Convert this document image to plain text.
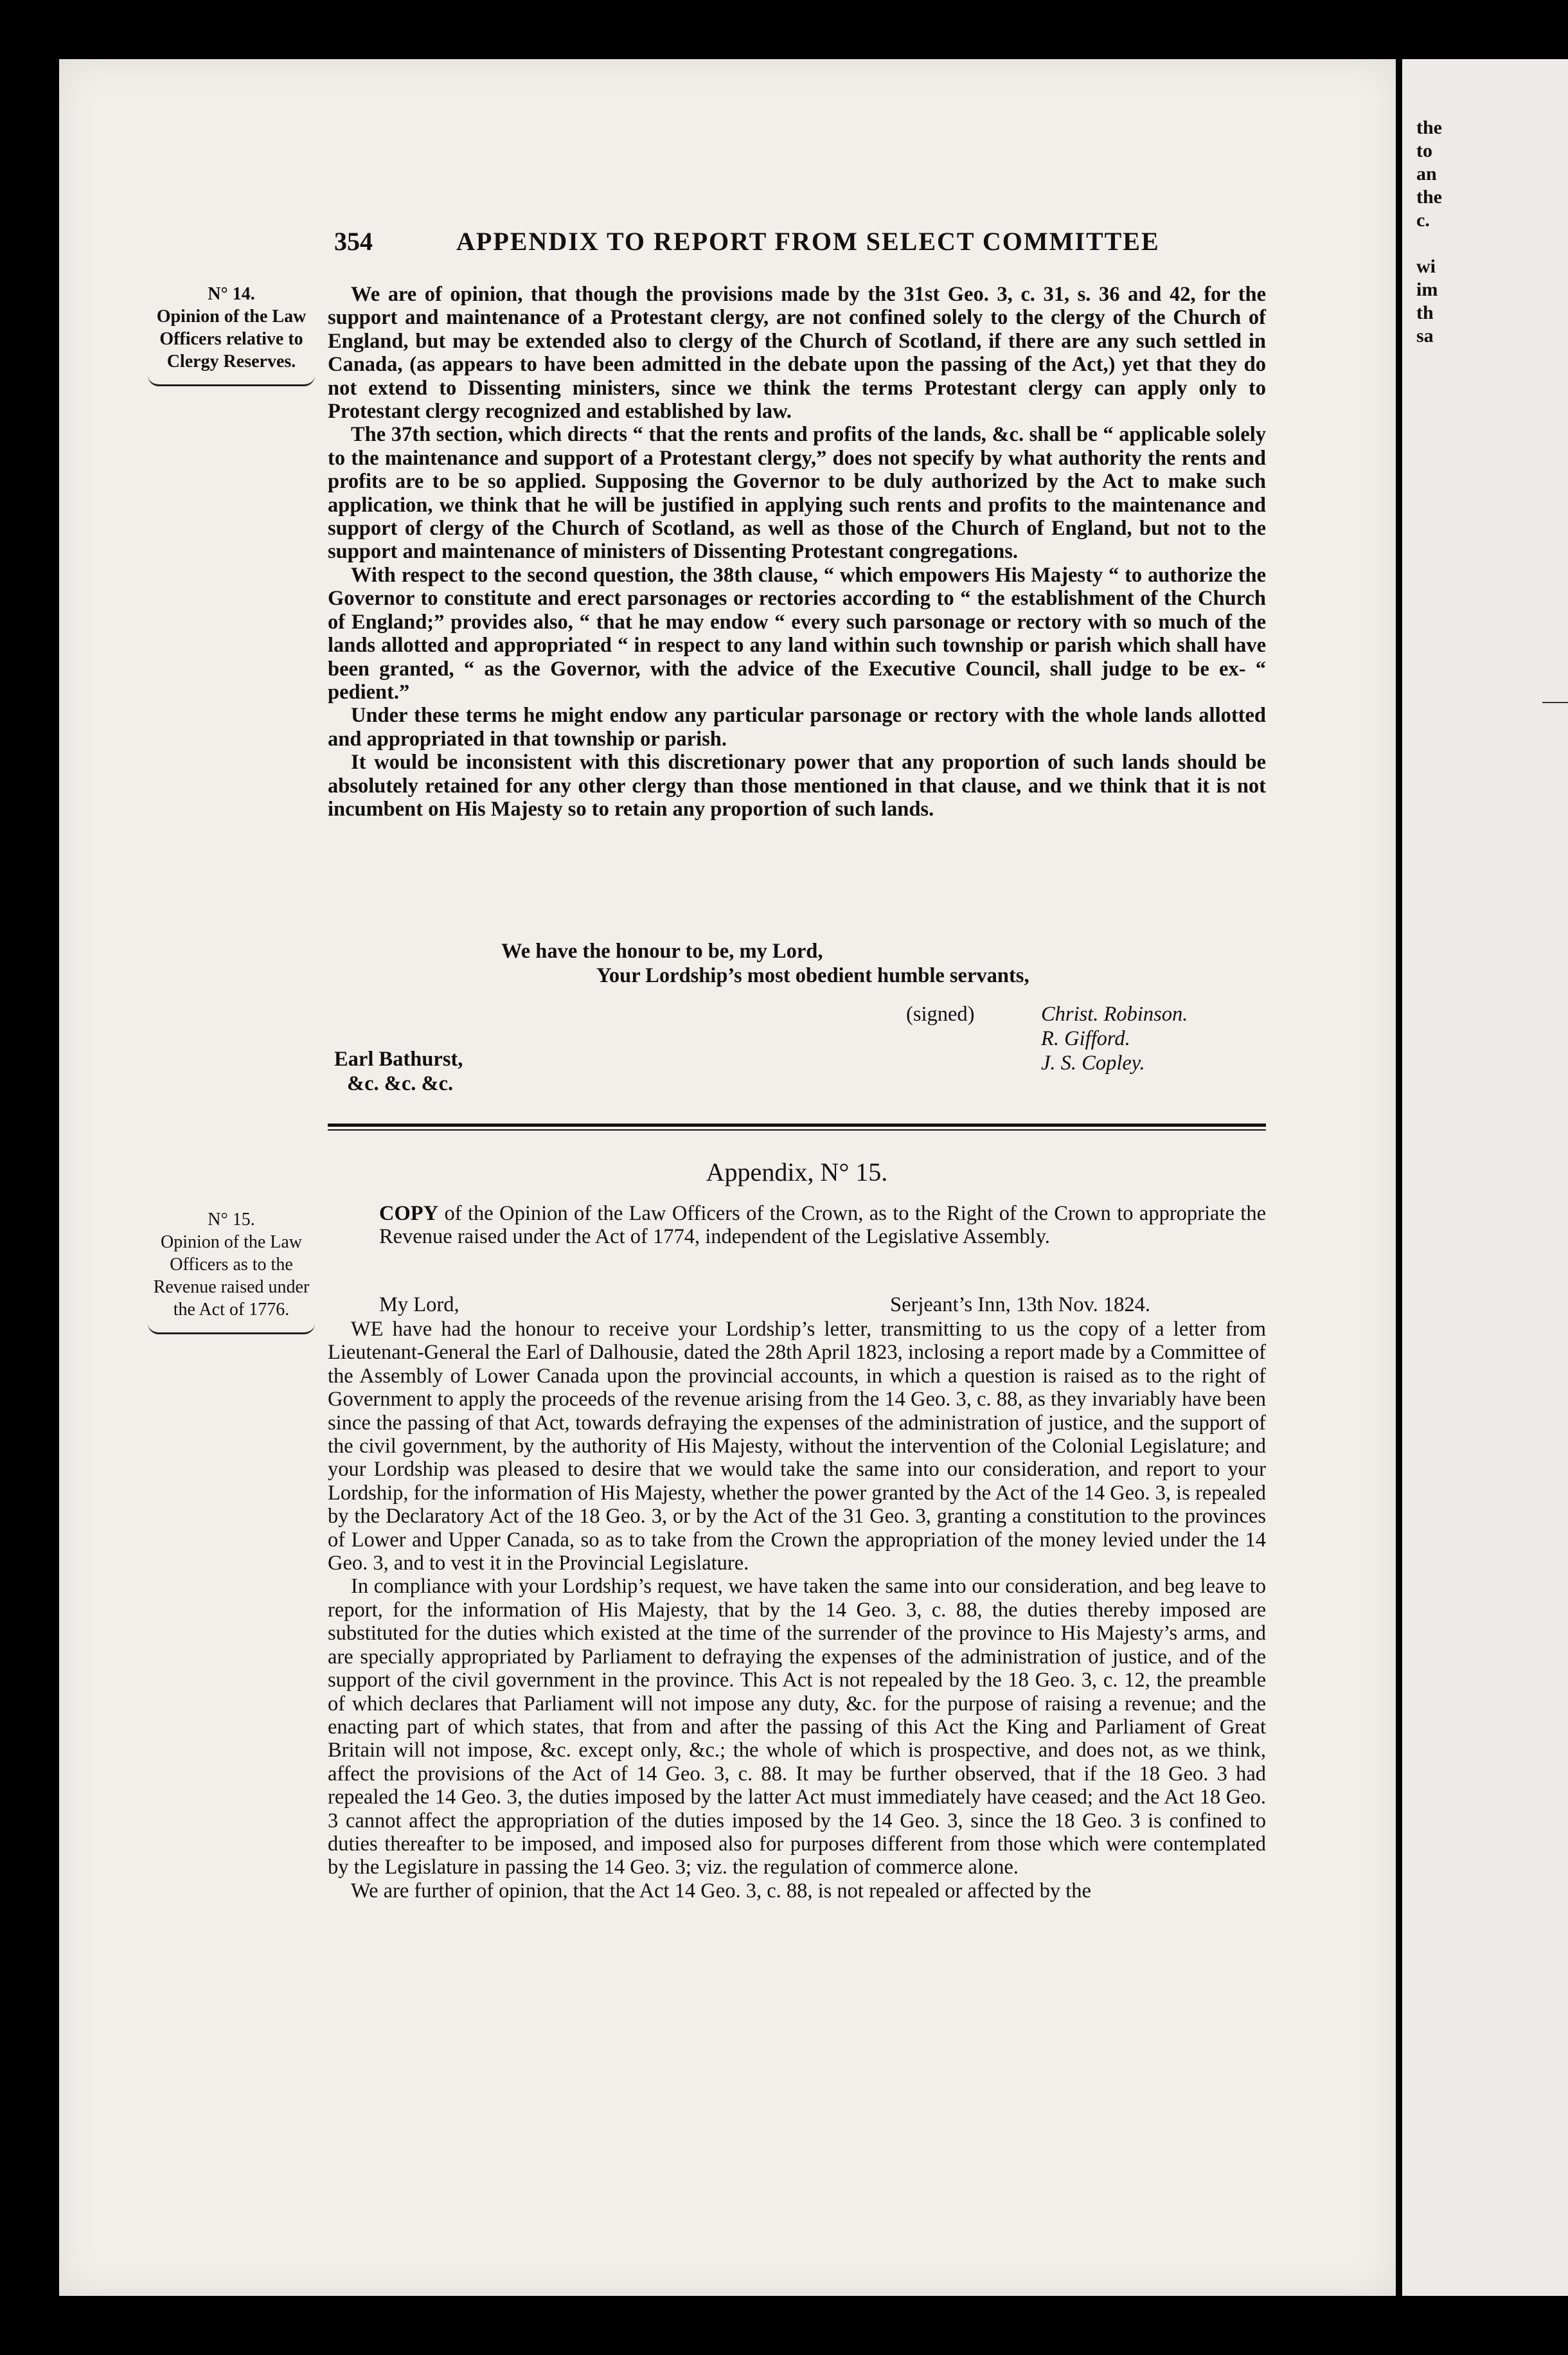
the
to
an
the
c.
wi
im
th
sa
354	APPENDIX TO REPORT FROM SELECT COMMITTEE
N° 14.
Opinion of the Law Officers relative to Clergy Reserves.

We are of opinion, that though the provisions made by the 31st Geo. 3, c. 31, s. 36 and 42, for the support and maintenance of a Protestant clergy, are not confined solely to the clergy of the Church of England, but may be extended also to clergy of the Church of Scotland, if there are any such settled in Canada, (as appears to have been admitted in the debate upon the passing of the Act,) yet that they do not extend to Dissenting ministers, since we think the terms Protestant clergy can apply only to Protestant clergy recognized and established by law.

The 37th section, which directs “ that the rents and profits of the lands, &c. shall be “ applicable solely to the maintenance and support of a Protestant clergy,” does not specify by what authority the rents and profits are to be so applied. Supposing the Governor to be duly authorized by the Act to make such application, we think that he will be justified in applying such rents and profits to the maintenance and support of clergy of the Church of Scotland, as well as those of the Church of England, but not to the support and maintenance of ministers of Dissenting Protestant congregations.

With respect to the second question, the 38th clause, “ which empowers His Majesty “ to authorize the Governor to constitute and erect parsonages or rectories according to “ the establishment of the Church of England;” provides also, “ that he may endow “ every such parsonage or rectory with so much of the lands allotted and appropriated “ in respect to any land within such township or parish which shall have been granted, “ as the Governor, with the advice of the Executive Council, shall judge to be ex- “ pedient.”

Under these terms he might endow any particular parsonage or rectory with the whole lands allotted and appropriated in that township or parish.

It would be inconsistent with this discretionary power that any proportion of such lands should be absolutely retained for any other clergy than those mentioned in that clause, and we think that it is not incumbent on His Majesty so to retain any proportion of such lands.

We have the honour to be, my Lord,
Your Lordship’s most obedient humble servants,
(signed)	Christ. Robinson.
R. Gifford.
J. S. Copley.
Earl Bathurst,
&c. &c. &c.
Appendix, N° 15.
N° 15.
Opinion of the Law Officers as to the Revenue raised under the Act of 1776.
COPY of the Opinion of the Law Officers of the Crown, as to the Right of the Crown to appropriate the Revenue raised under the Act of 1774, independent of the Legislative Assembly.
My Lord,	Serjeant’s Inn, 13th Nov. 1824.

WE have had the honour to receive your Lordship’s letter, transmitting to us the copy of a letter from Lieutenant-General the Earl of Dalhousie, dated the 28th April 1823, inclosing a report made by a Committee of the Assembly of Lower Canada upon the provincial accounts, in which a question is raised as to the right of Government to apply the proceeds of the revenue arising from the 14 Geo. 3, c. 88, as they invariably have been since the passing of that Act, towards defraying the expenses of the administration of justice, and the support of the civil government, by the authority of His Majesty, without the intervention of the Colonial Legislature; and your Lordship was pleased to desire that we would take the same into our consideration, and report to your Lordship, for the information of His Majesty, whether the power granted by the Act of the 14 Geo. 3, is repealed by the Declaratory Act of the 18 Geo. 3, or by the Act of the 31 Geo. 3, granting a constitution to the provinces of Lower and Upper Canada, so as to take from the Crown the appropriation of the money levied under the 14 Geo. 3, and to vest it in the Provincial Legislature.

In compliance with your Lordship’s request, we have taken the same into our consideration, and beg leave to report, for the information of His Majesty, that by the 14 Geo. 3, c. 88, the duties thereby imposed are substituted for the duties which existed at the time of the surrender of the province to His Majesty’s arms, and are specially appropriated by Parliament to defraying the expenses of the administration of justice, and of the support of the civil government in the province. This Act is not repealed by the 18 Geo. 3, c. 12, the preamble of which declares that Parliament will not impose any duty, &c. for the purpose of raising a revenue; and the enacting part of which states, that from and after the passing of this Act the King and Parliament of Great Britain will not impose, &c. except only, &c.; the whole of which is prospective, and does not, as we think, affect the provisions of the Act of 14 Geo. 3, c. 88. It may be further observed, that if the 18 Geo. 3 had repealed the 14 Geo. 3, the duties imposed by the latter Act must immediately have ceased; and the Act 18 Geo. 3 cannot affect the appropriation of the duties imposed by the 14 Geo. 3, since the 18 Geo. 3 is confined to duties thereafter to be imposed, and imposed also for purposes different from those which were contemplated by the Legislature in passing the 14 Geo. 3; viz. the regulation of commerce alone.

We are further of opinion, that the Act 14 Geo. 3, c. 88, is not repealed or affected by the
